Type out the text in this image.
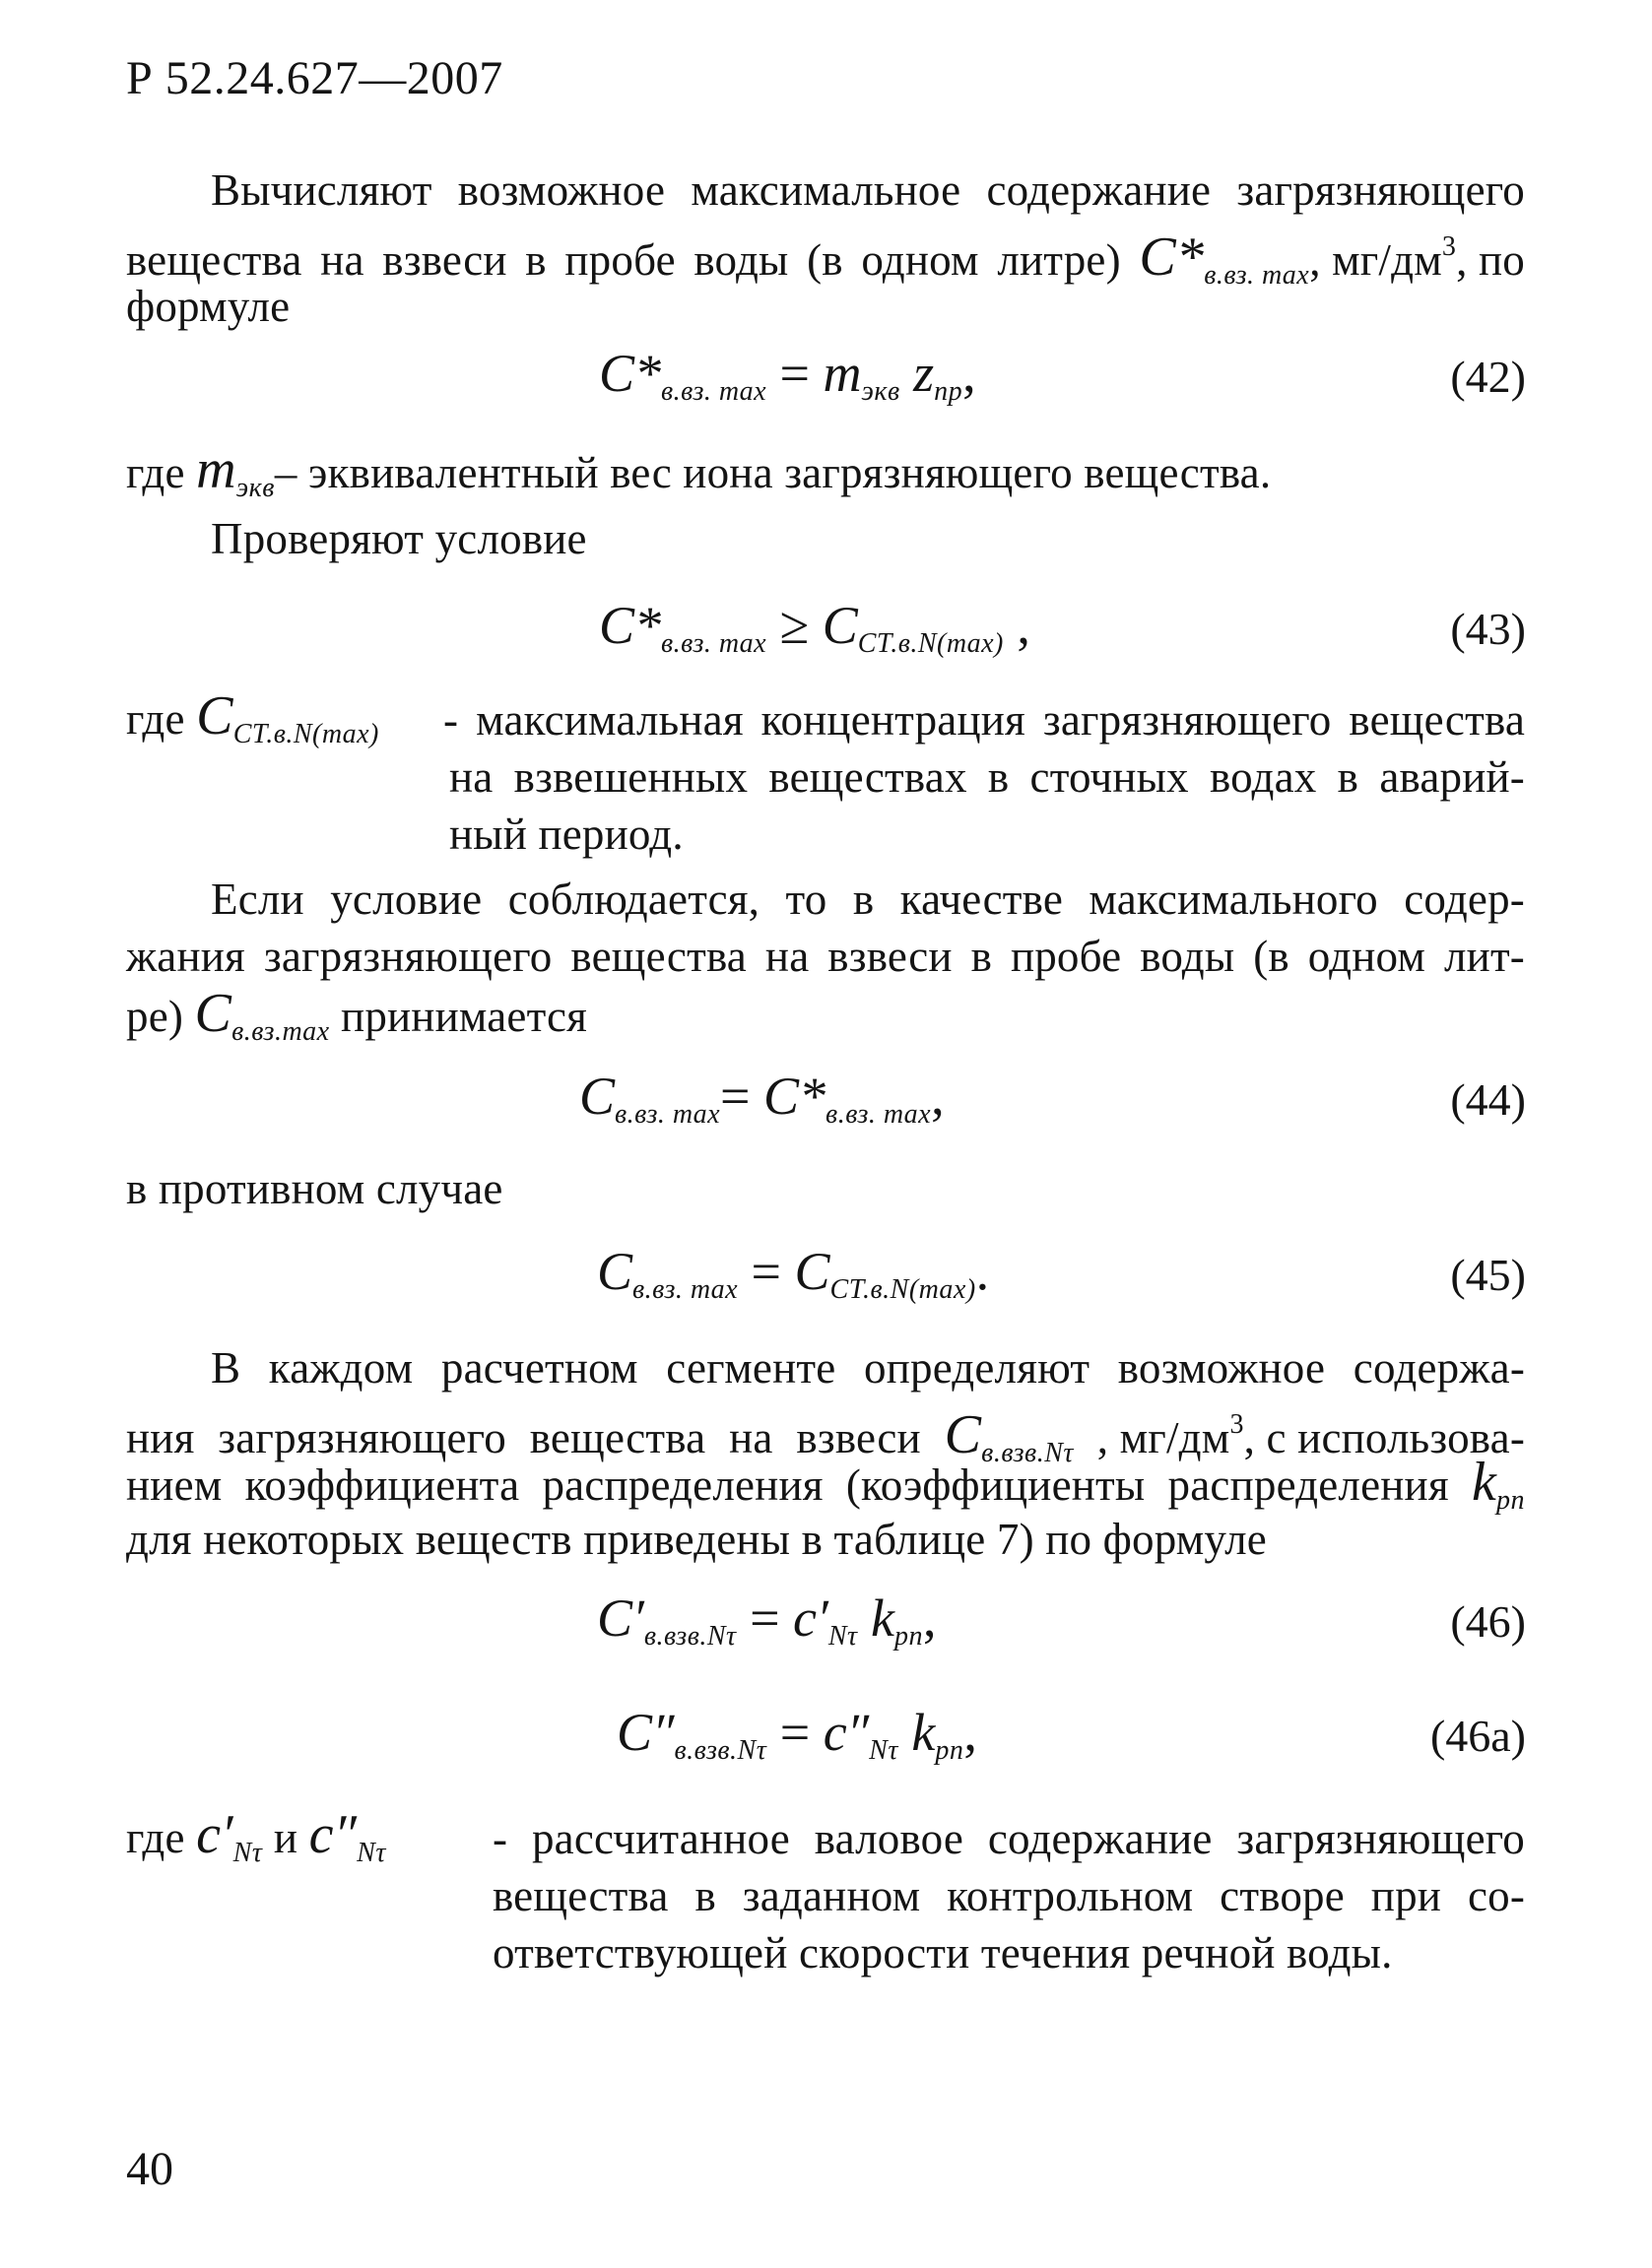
Р 52.24.627—2007
Вычисляют возможное максимальное содержание загрязняющего
вещества на взвеси в пробе воды (в одном литре) $C*_{в.вз. max}$, $мг/дм^3$, по
формуле
$C*_{в.вз. max} = m_{экв}$ $z_{пр}$,	(42)
где $m_{экв}-$ эквивалентный вес иона загрязняющего вещества.
Проверяют условие
$C*_{в.вз. max} \ge C_{СТ.в.N(max)}$ ,	(43)
где $C_{СТ.в.N(max)}$ - максимальная концентрация загрязняющего вещества
на взвешенных веществах в сточных водах в аварий-
ный период.
Если условие соблюдается, то в качестве максимального содер-
жания загрязняющего вещества на взвеси в пробе воды (в одном лит-
ре) $C_{в.вз.max}$ принимается
$C_{в.вз. max}= C*_{в.вз. max}$,	(44)
в противном случае
$C_{в.вз. max} = C_{СТ.в.N(max)}$.	(45)
В каждом расчетном сегменте определяют возможное содержа-
ния загрязняющего вещества на взвеси $C_{в.взв.N\tau}$ , $мг/дм^3$, с использова-
нием коэффициента распределения (коэффициенты распределения $k_{рп}$
для некоторых веществ приведены в таблице 7) по формуле
$C'_{в.взв.N\tau} = c'_{N\tau}$ $k_{рп}$,	(46)
$C''_{в.взв.N\tau} = c''_{N\tau}$ $k_{рп}$,	(46а)
где $c'_{N\tau}$ и $c''_{N\tau}$ - рассчитанное валовое содержание загрязняющего
вещества в заданном контрольном створе при со-
ответствующей скорости течения речной воды.
40
